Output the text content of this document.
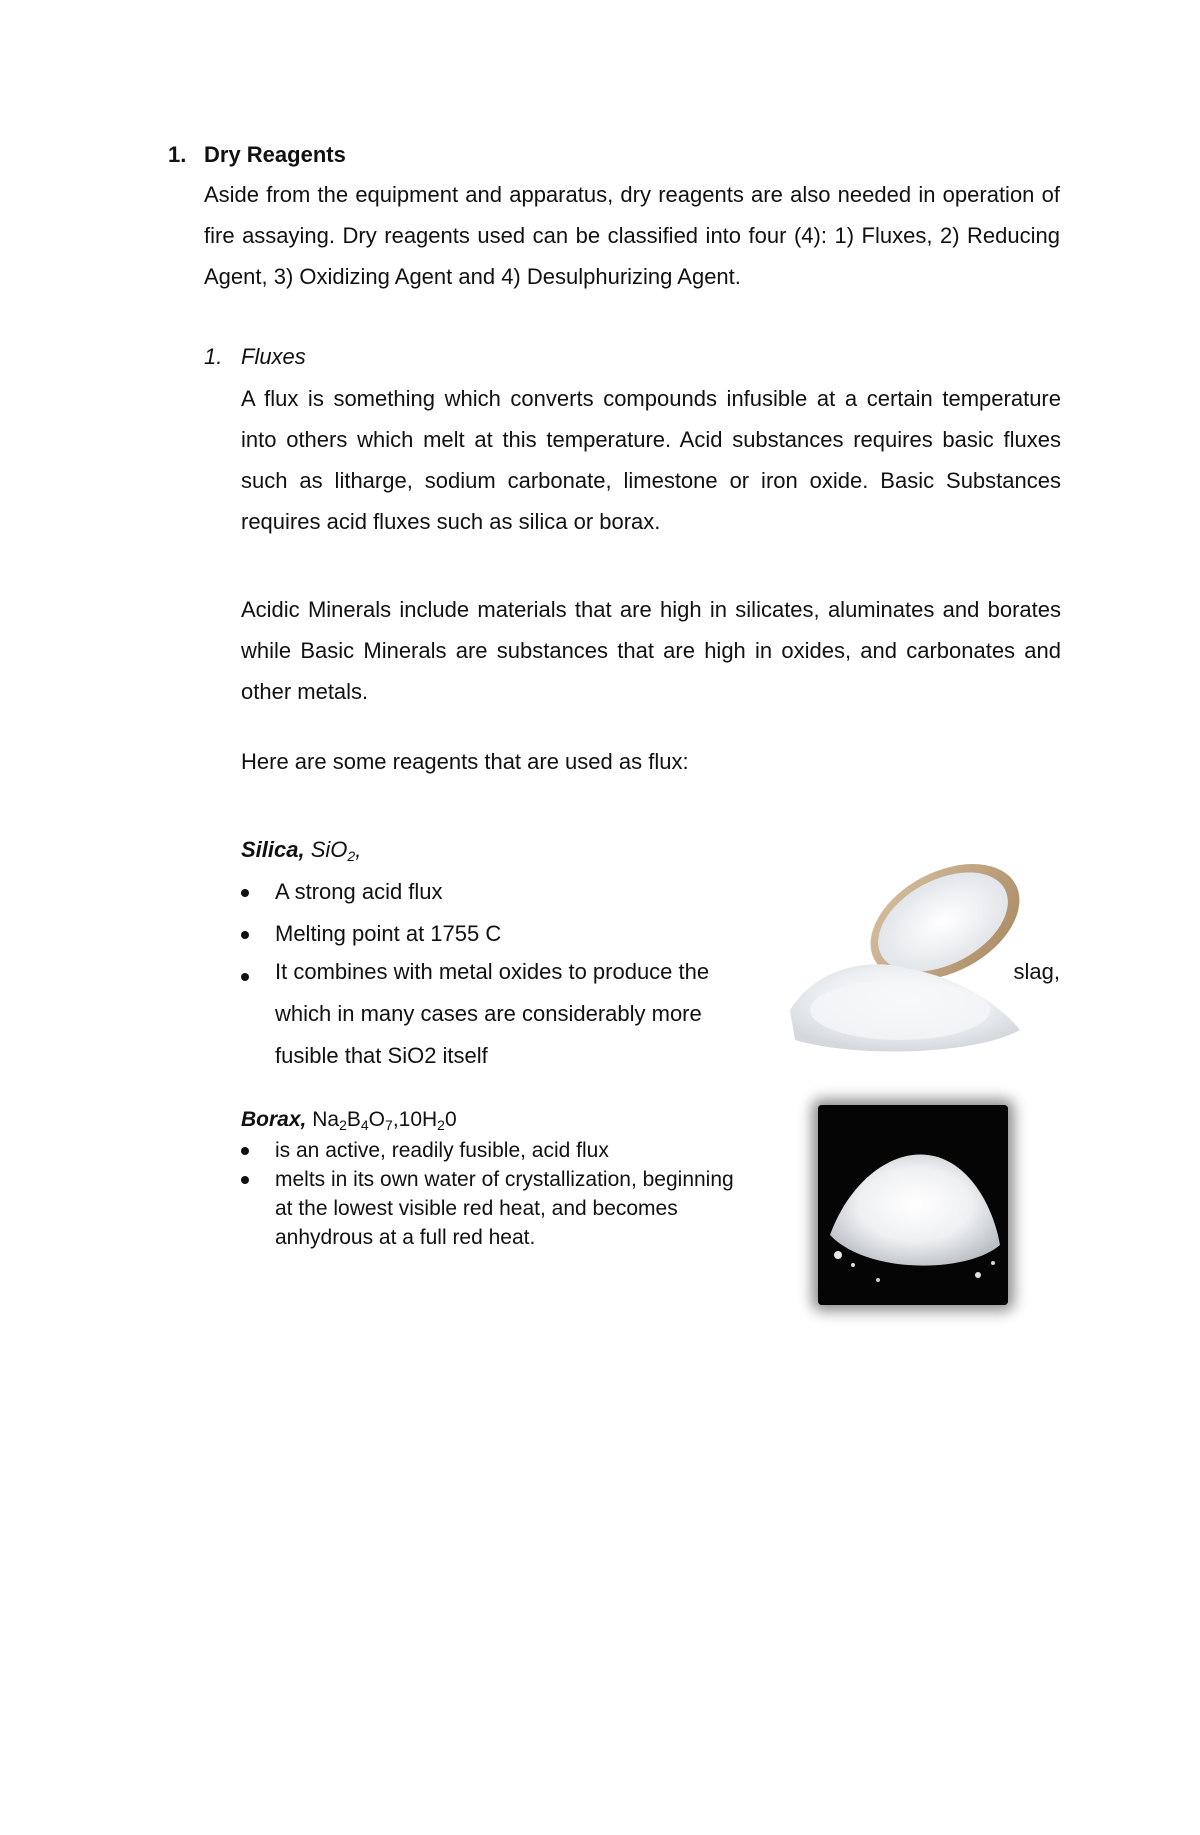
1. Dry Reagents
Aside from the equipment and apparatus, dry reagents are also needed in operation of fire assaying. Dry reagents used can be classified into four (4): 1) Fluxes, 2) Reducing Agent, 3) Oxidizing Agent and 4) Desulphurizing Agent.
1. Fluxes
A flux is something which converts compounds infusible at a certain temperature into others which melt at this temperature. Acid substances requires basic fluxes such as litharge, sodium carbonate, limestone or iron oxide. Basic Substances requires acid fluxes such as silica or borax.
Acidic Minerals include materials that are high in silicates, aluminates and borates while Basic Minerals are substances that are high in oxides, and carbonates and other metals.
Here are some reagents that are used as flux:
Silica, SiO$_2$,
A strong acid flux
Melting point at 1755 C
It combines with metal oxides to produce the	slag,
which in many cases are considerably more
fusible that SiO2 itself
Borax, $Na_2B_4O_7,10H_20$
is an active, readily fusible, acid flux
melts in its own water of crystallization, beginning
at the lowest visible red heat, and becomes
anhydrous at a full red heat.
